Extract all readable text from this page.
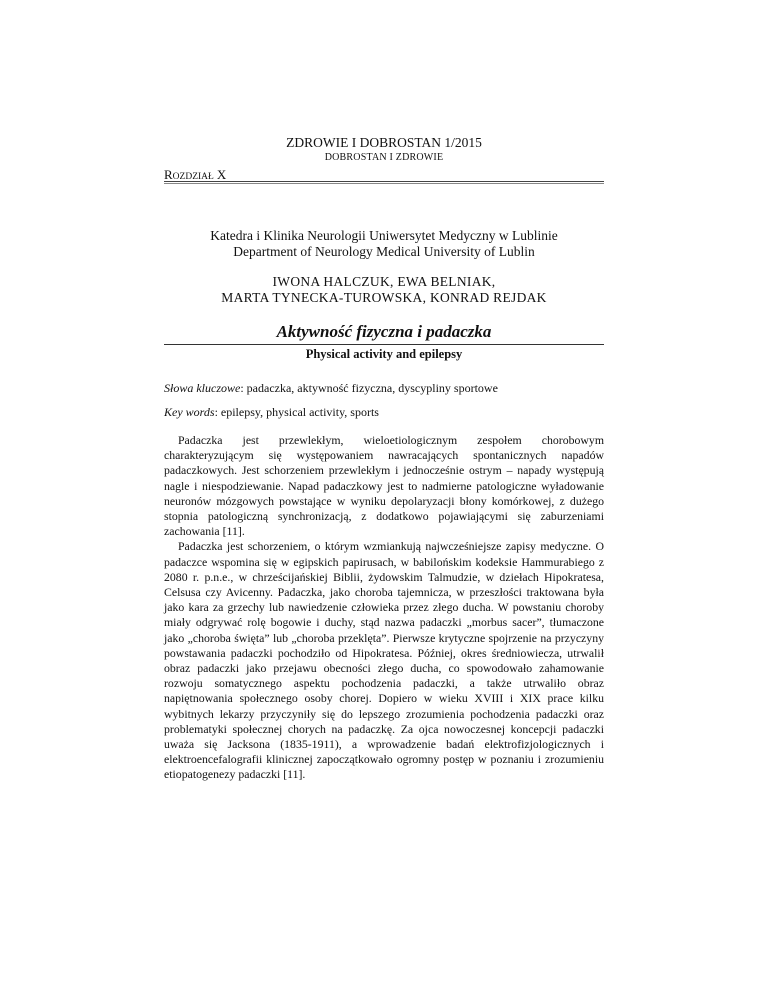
ZDROWIE I DOBROSTAN 1/2015
DOBROSTAN I ZDROWIE
ROZDZIAŁ X
Katedra i Klinika Neurologii Uniwersytet Medyczny w Lublinie
Department of Neurology Medical University of Lublin
IWONA HALCZUK, EWA BELNIAK,
MARTA TYNECKA-TUROWSKA, KONRAD REJDAK
Aktywność fizyczna i padaczka
Physical activity and epilepsy
Słowa kluczowe: padaczka, aktywność fizyczna, dyscypliny sportowe
Key words: epilepsy, physical activity, sports

Padaczka jest przewlekłym, wieloetiologicznym zespołem chorobowym charakteryzującym się występowaniem nawracających spontanicznych napadów padaczkowych. Jest schorzeniem przewlekłym i jednocześnie ostrym – napady występują nagle i niespodziewanie. Napad padaczkowy jest to nadmierne patologiczne wyładowanie neuronów mózgowych powstające w wyniku depolaryzacji błony komórkowej, z dużego stopnia patologiczną synchronizacją, z dodatkowo pojawiającymi się zaburzeniami zachowania [11].

Padaczka jest schorzeniem, o którym wzmiankują najwcześniejsze zapisy medyczne. O padaczce wspomina się w egipskich papirusach, w babilońskim kodeksie Hammurabiego z 2080 r. p.n.e., w chrześcijańskiej Biblii, żydowskim Talmudzie, w dziełach Hipokratesa, Celsusa czy Avicenny. Padaczka, jako choroba tajemnicza, w przeszłości traktowana była jako kara za grzechy lub nawiedzenie człowieka przez złego ducha. W powstaniu choroby miały odgrywać rolę bogowie i duchy, stąd nazwa padaczki „morbus sacer”, tłumaczone jako „choroba święta” lub „choroba przeklęta”. Pierwsze krytyczne spojrzenie na przyczyny powstawania padaczki pochodziło od Hipokratesa. Później, okres średniowiecza, utrwalił obraz padaczki jako przejawu obecności złego ducha, co spowodowało zahamowanie rozwoju somatycznego aspektu pochodzenia padaczki, a także utrwaliło obraz napiętnowania społecznego osoby chorej. Dopiero w wieku XVIII i XIX prace kilku wybitnych lekarzy przyczyniły się do lepszego zrozumienia pochodzenia padaczki oraz problematyki społecznej chorych na padaczkę. Za ojca nowoczesnej koncepcji padaczki uważa się Jacksona (1835-1911), a wprowadzenie badań elektrofizjologicznych i elektroencefalografii klinicznej zapoczątkowało ogromny postęp w poznaniu i zrozumieniu etiopatogenezy padaczki [11].
